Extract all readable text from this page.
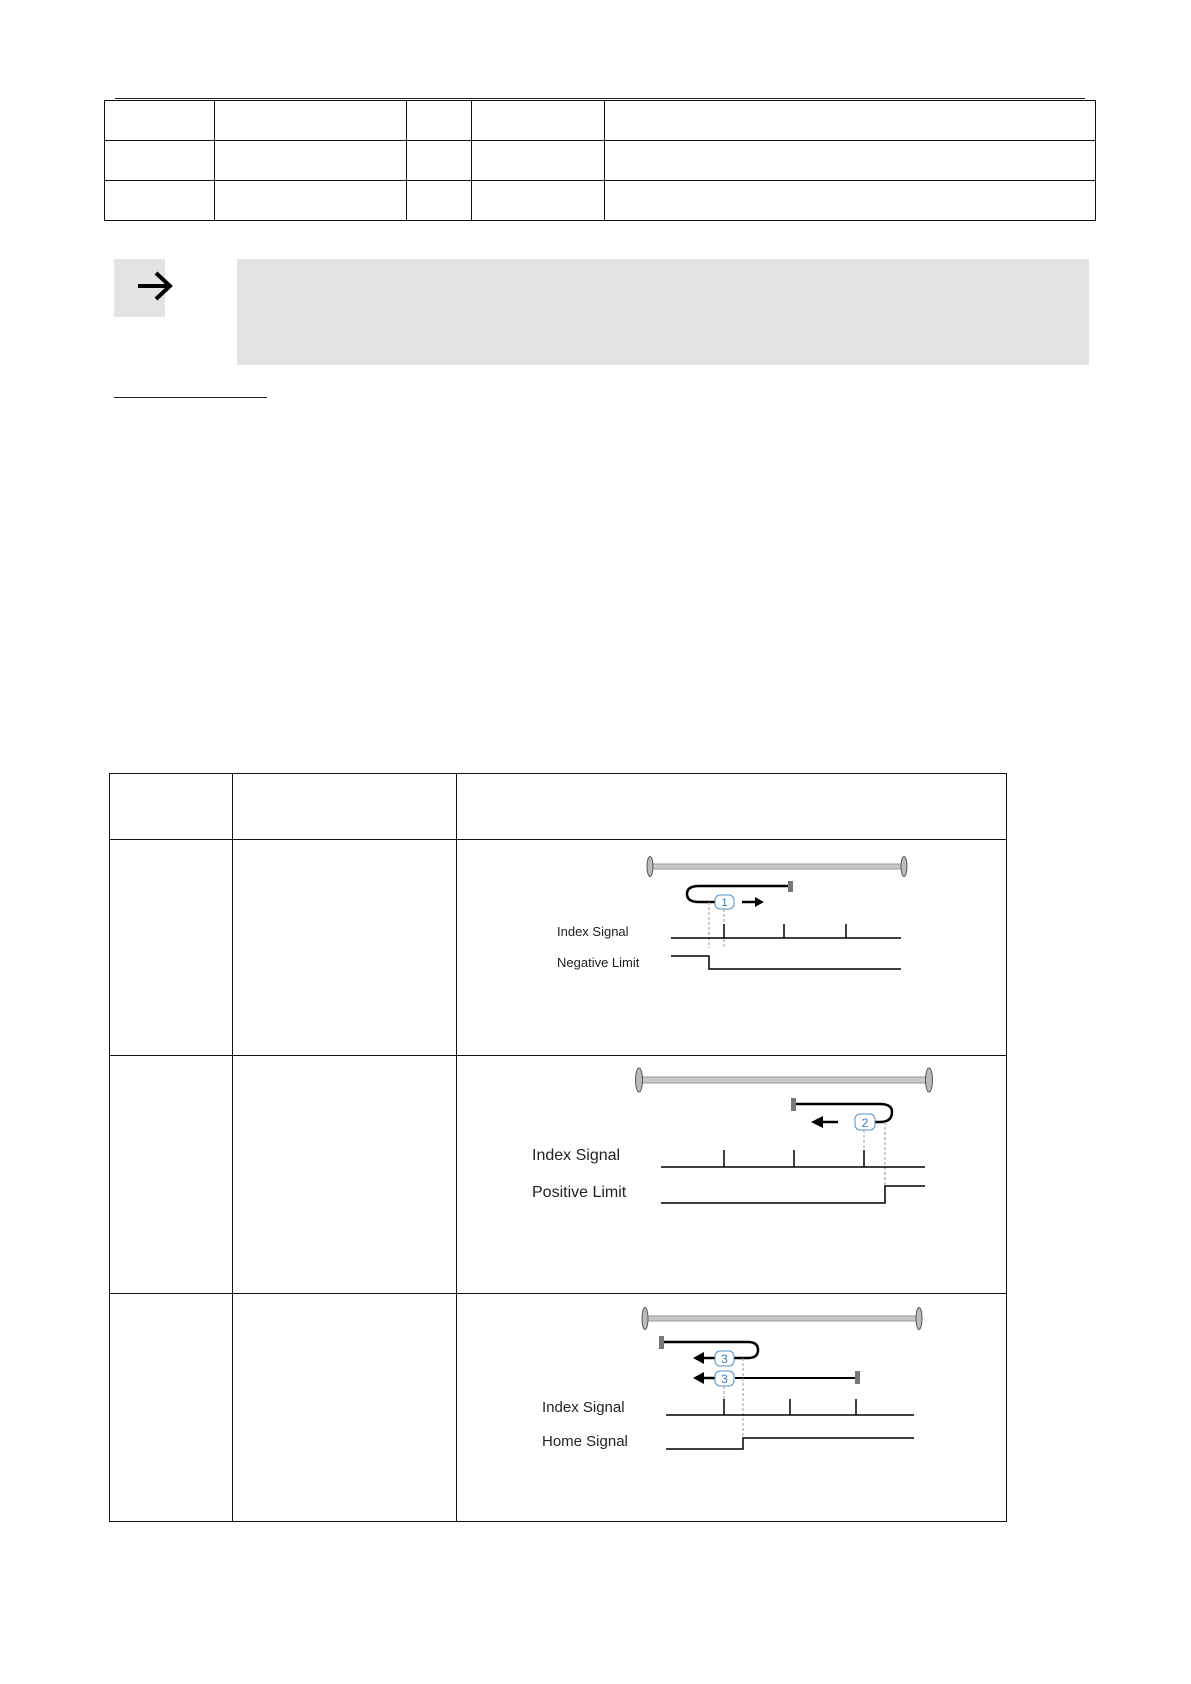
1
Index Signal
Negative Limit

2
Index Signal
Positive Limit

3
3
Index Signal
Home Signal
